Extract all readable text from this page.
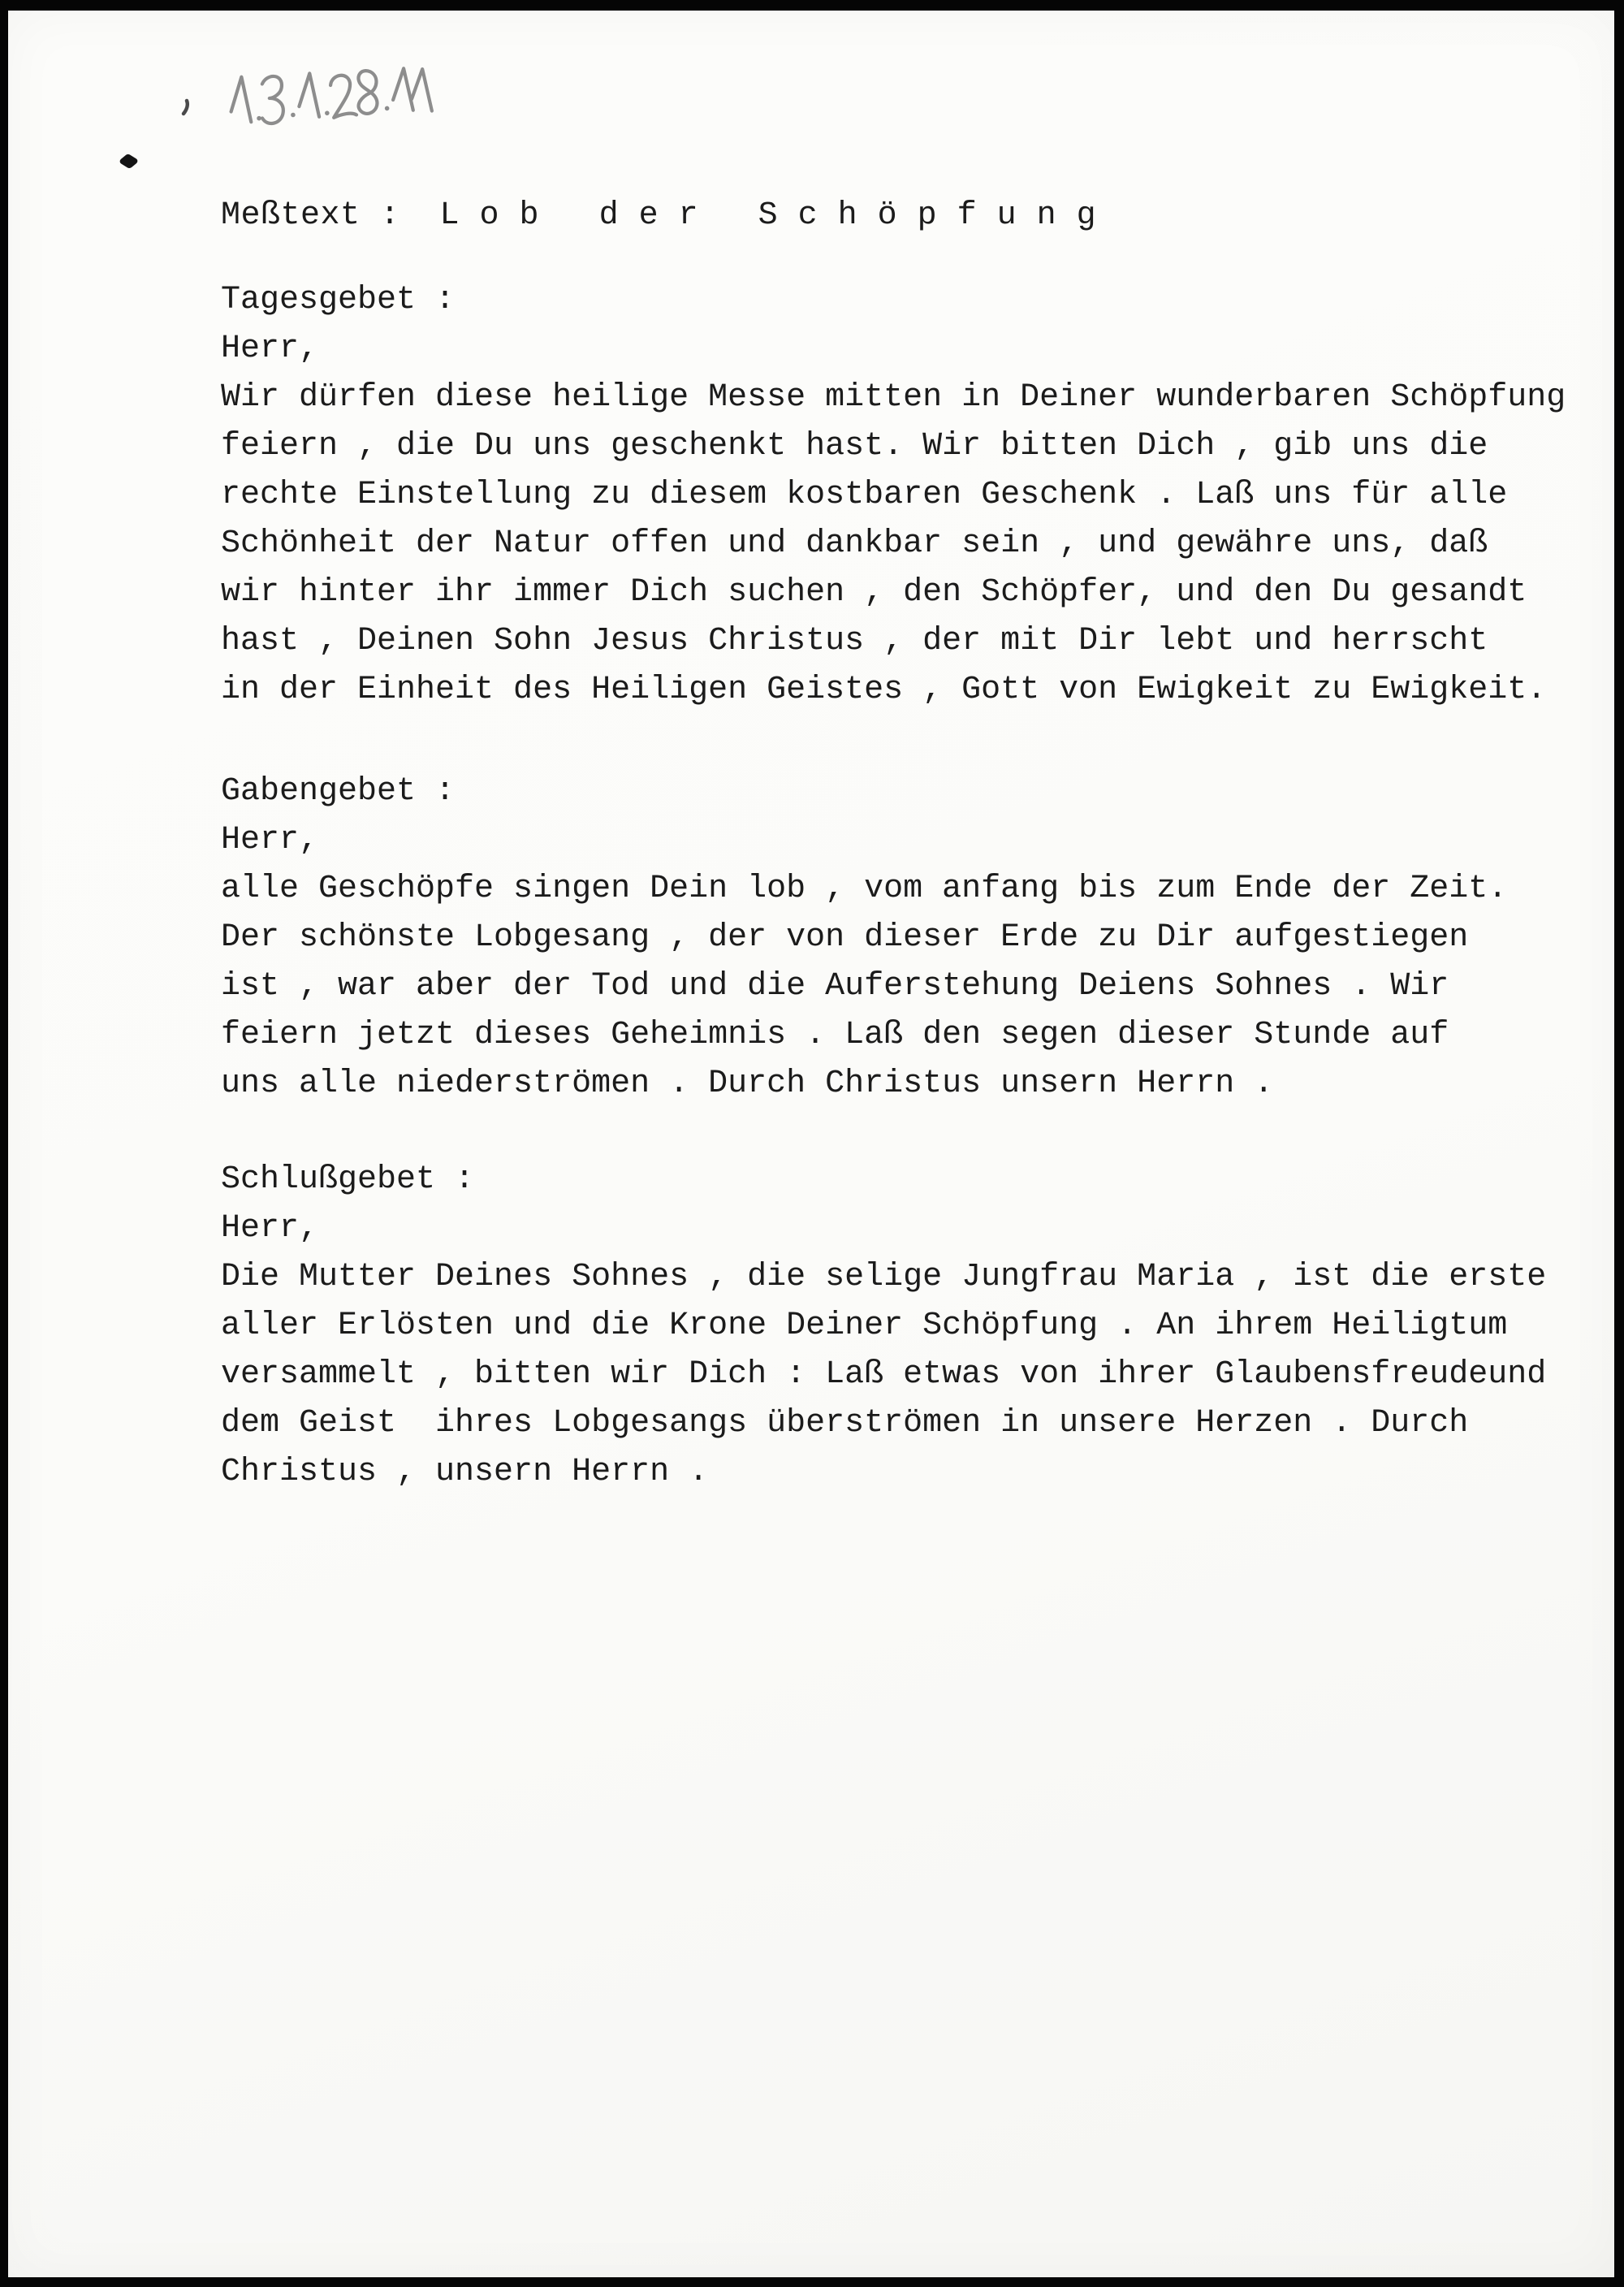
Meßtext :  L o b   d e r   S c h ö p f u n g
Tagesgebet :
Herr,
Wir dürfen diese heilige Messe mitten in Deiner wunderbaren Schöpfung
feiern , die Du uns geschenkt hast. Wir bitten Dich , gib uns die
rechte Einstellung zu diesem kostbaren Geschenk . Laß uns für alle
Schönheit der Natur offen und dankbar sein , und gewähre uns, daß
wir hinter ihr immer Dich suchen , den Schöpfer, und den Du gesandt
hast , Deinen Sohn Jesus Christus , der mit Dir lebt und herrscht
in der Einheit des Heiligen Geistes , Gott von Ewigkeit zu Ewigkeit.
Gabengebet :
Herr,
alle Geschöpfe singen Dein lob , vom anfang bis zum Ende der Zeit.
Der schönste Lobgesang , der von dieser Erde zu Dir aufgestiegen
ist , war aber der Tod und die Auferstehung Deiens Sohnes . Wir
feiern jetzt dieses Geheimnis . Laß den segen dieser Stunde auf
uns alle niederströmen . Durch Christus unsern Herrn .
Schlußgebet :
Herr,
Die Mutter Deines Sohnes , die selige Jungfrau Maria , ist die erste
aller Erlösten und die Krone Deiner Schöpfung . An ihrem Heiligtum
versammelt , bitten wir Dich : Laß etwas von ihrer Glaubensfreudeund
dem Geist  ihres Lobgesangs überströmen in unsere Herzen . Durch
Christus , unsern Herrn .
